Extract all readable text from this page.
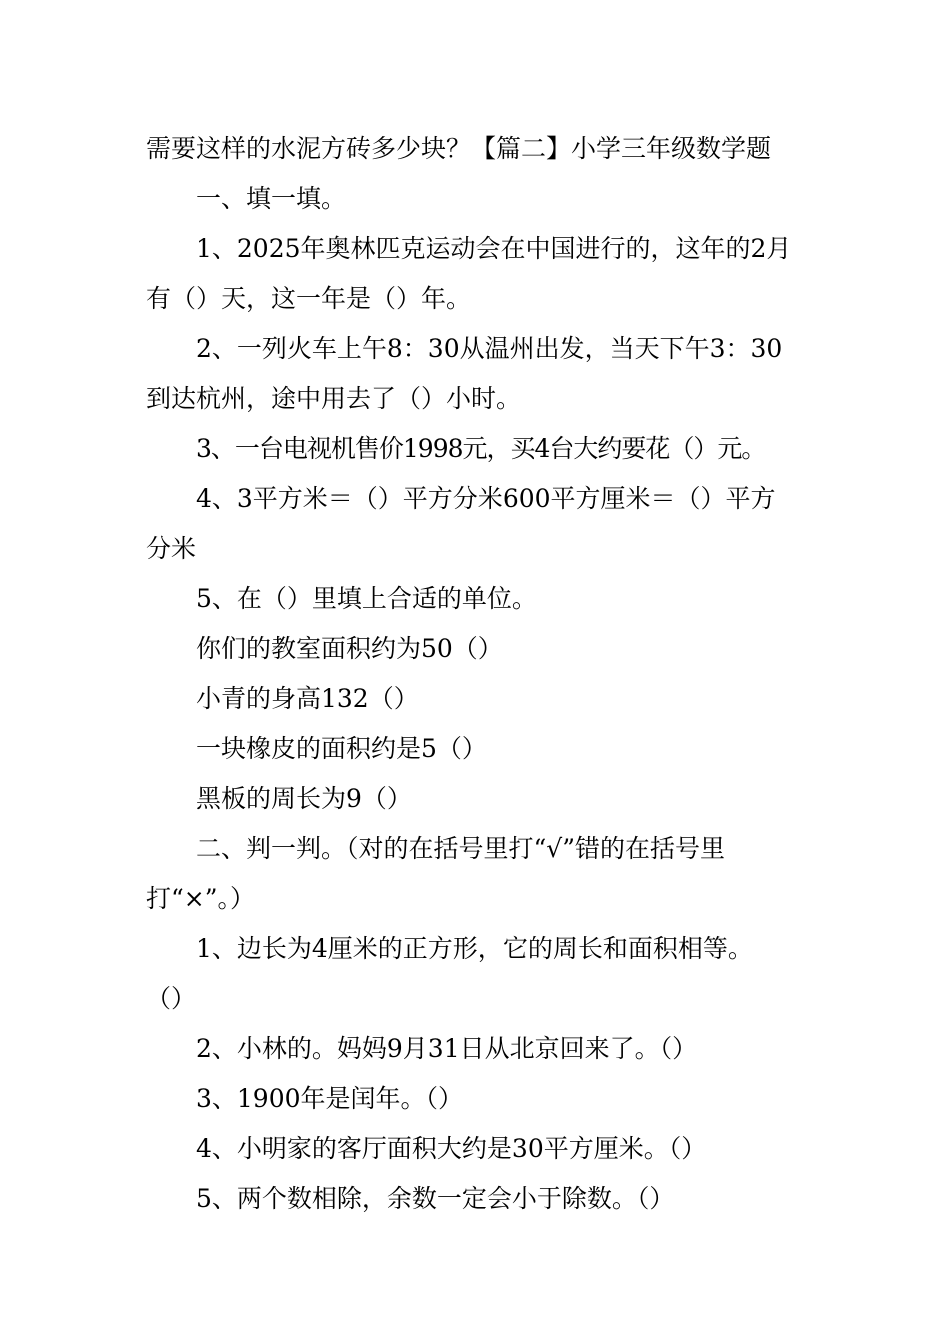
需要这样的水泥方砖多少块？【篇二】小学三年级数学题
一、填一填。
1、2025年奥林匹克运动会在中国进行的，这年的2月
有（）天，这一年是（）年。
2、一列火车上午8：30从温州出发，当天下午3：30
到达杭州，途中用去了（）小时。
3、一台电视机售价1998元，买4台大约要花（）元。
4、3平方米＝（）平方分米600平方厘米＝（）平方
分米
5、在（）里填上合适的单位。
你们的教室面积约为50（）
小青的身高132（）
一块橡皮的面积约是5（）
黑板的周长为9（）
二、判一判。（对的在括号里打“√”错的在括号里
打“×”。）
1、边长为4厘米的正方形，它的周长和面积相等。
（）
2、小林的。妈妈9月31日从北京回来了。（）
3、1900年是闰年。（）
4、小明家的客厅面积大约是30平方厘米。（）
5、两个数相除，余数一定会小于除数。（）
